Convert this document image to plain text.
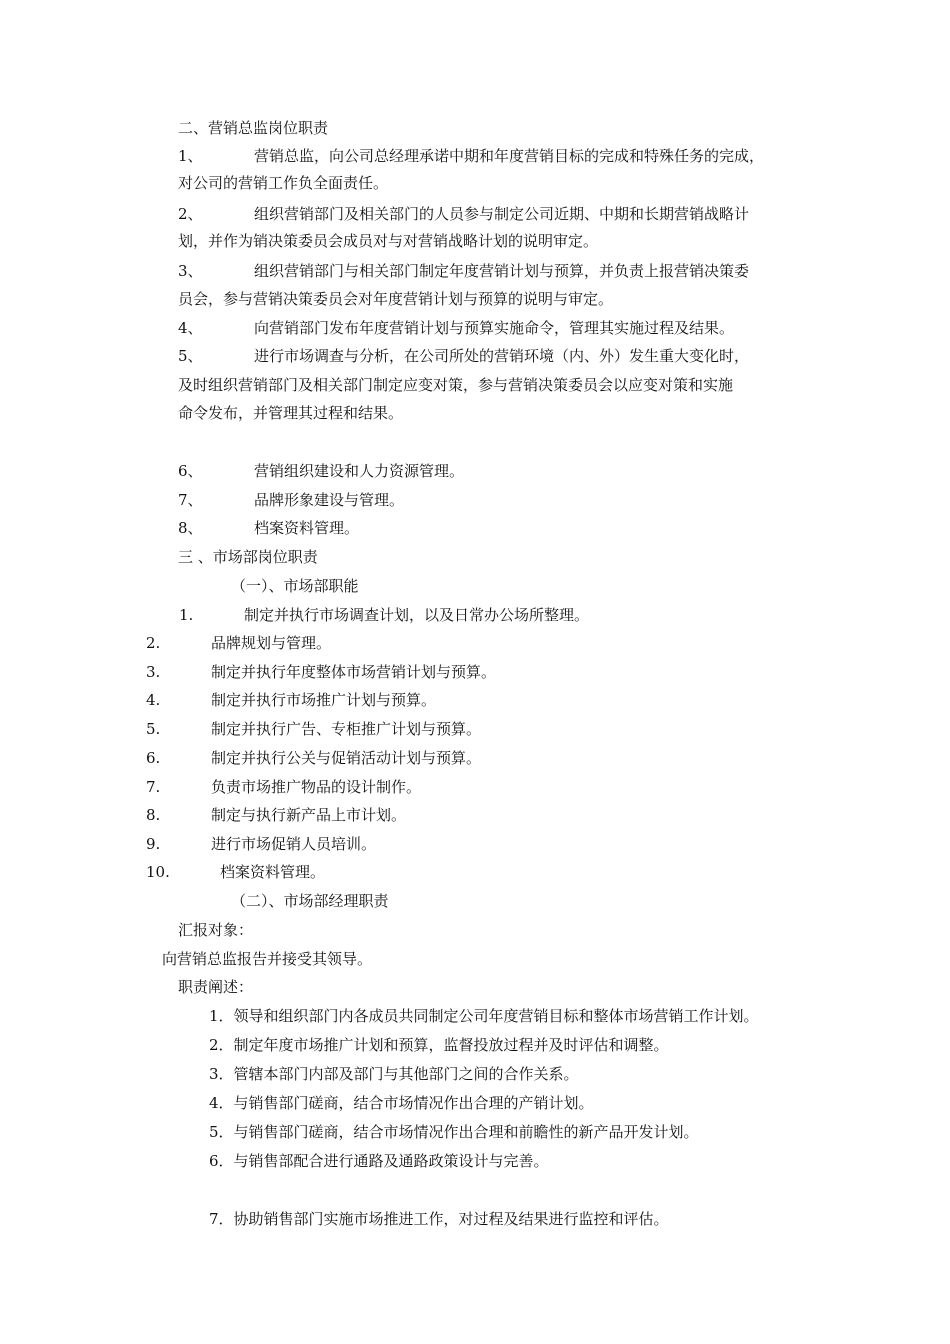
二、营销总监岗位职责
1、	营销总监，向公司总经理承诺中期和年度营销目标的完成和特殊任务的完成，
对公司的营销工作负全面责任。
2、	组织营销部门及相关部门的人员参与制定公司近期、中期和长期营销战略计
划，并作为销决策委员会成员对与对营销战略计划的说明审定。
3、	组织营销部门与相关部门制定年度营销计划与预算，并负责上报营销决策委
员会，参与营销决策委员会对年度营销计划与预算的说明与审定。
4、	向营销部门发布年度营销计划与预算实施命令，管理其实施过程及结果。
5、	进行市场调查与分析，在公司所处的营销环境（内、外）发生重大变化时，
及时组织营销部门及相关部门制定应变对策，参与营销决策委员会以应变对策和实施
命令发布，并管理其过程和结果。
6、	营销组织建设和人力资源管理。
7、	品牌形象建设与管理。
8、	档案资料管理。
三 、市场部岗位职责
（一）、市场部职能
1.	制定并执行市场调查计划，以及日常办公场所整理。
2.	品牌规划与管理。
3.	制定并执行年度整体市场营销计划与预算。
4.	制定并执行市场推广计划与预算。
5.	制定并执行广告、专柜推广计划与预算。
6.	制定并执行公关与促销活动计划与预算。
7.	负责市场推广物品的设计制作。
8.	制定与执行新产品上市计划。
9.	进行市场促销人员培训。
10.	档案资料管理。
（二）、市场部经理职责
汇报对象：
向营销总监报告并接受其领导。
职责阐述：
1．领导和组织部门内各成员共同制定公司年度营销目标和整体市场营销工作计划。
2．制定年度市场推广计划和预算，监督投放过程并及时评估和调整。
3．管辖本部门内部及部门与其他部门之间的合作关系。
4．与销售部门磋商，结合市场情况作出合理的产销计划。
5．与销售部门磋商，结合市场情况作出合理和前瞻性的新产品开发计划。
6．与销售部配合进行通路及通路政策设计与完善。
7．协助销售部门实施市场推进工作，对过程及结果进行监控和评估。
